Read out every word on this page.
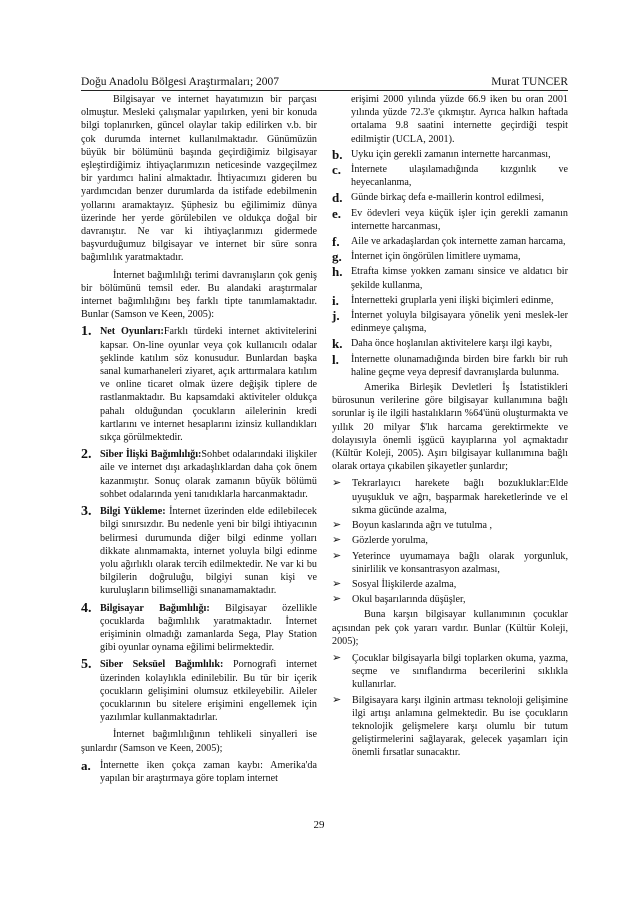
Doğu Anadolu Bölgesi Araştırmaları; 2007	Murat TUNCER

Bilgisayar ve internet hayatımızın bir parçası olmuştur. Mesleki çalışmalar yapılırken, yeni bir konuda bilgi toplanırken, güncel olaylar takip edilirken v.b. bir çok durumda internet kullanılmaktadır. Günümüzün büyük bir bölümünü başında geçirdiğimiz bilgisayar eşleştirdiğimiz ihtiyaçlarımızın neticesinde vazgeçilmez bir yardımcı halini almaktadır. İhtiyacımızı gideren bu yardımcıdan benzer durumlarda da istifade edebilmenin yollarını aramaktayız. Şüphesiz bu eğilimimiz dünya üzerinde her yerde görülebilen ve oldukça doğal bir davranıştır. Ne var ki ihtiyaçlarımızı gidermede başvurduğumuz bilgisayar ve internet bir süre sonra bağımlılık yaratmaktadır.

İnternet bağımlılığı terimi davranışların çok geniş bir bölümünü temsil eder. Bu alandaki araştırmalar internet bağımlılığını beş farklı tipte tanımlamaktadır. Bunlar (Samson ve Keen, 2005):

1. Net Oyunları:Farklı türdeki internet aktivitelerini kapsar. On-line oyunlar veya çok kullanıcılı odalar şeklinde katılım söz konusudur. Bunlardan başka sanal kumarhaneleri ziyaret, açık arttırmalara katılım ve online ticaret olmak üzere değişik tiplere de rastlanmaktadır. Bu kapsamdaki aktiviteler oldukça pahalı olduğundan çocukların ailelerinin kredi kartlarını ve internet hesaplarını izinsiz kullandıkları sıkça görülmektedir.
2. Siber İlişki Bağımlılığı:Sohbet odalarındaki ilişkiler aile ve internet dışı arkadaşlıklardan daha çok önem kazanmıştır. Sonuç olarak zamanın büyük bölümü sohbet odalarında yeni tanıdıklarla harcanmaktadır.
3. Bilgi Yükleme: İnternet üzerinden elde edilebilecek bilgi sınırsızdır. Bu nedenle yeni bir bilgi ihtiyacının belirmesi durumunda diğer bilgi edinme yolları dikkate alınmamakta, internet yoluyla bilgi edinme yolu ağırlıklı olarak tercih edilmektedir. Ne var ki bu bilgilerin doğruluğu, bilgiyi sunan kişi ve kuruluşların bilimselliği sınanamamaktadır.
4. Bilgisayar Bağımlılığı: Bilgisayar özellikle çocuklarda bağımlılık yaratmaktadır. İnternet erişiminin olmadığı zamanlarda Sega, Play Station gibi oyunlar oynama eğilimi belirmektedir.
5. Siber Seksüel Bağımlılık: Pornografi internet üzerinden kolaylıkla edinilebilir. Bu tür bir içerik çocukların gelişimini olumsuz etkileyebilir. Aileler çocuklarının bu sitelere erişimini engellemek için yazılımlar kullanmaktadırlar.

İnternet bağımlılığının tehlikeli sinyalleri ise şunlardır (Samson ve Keen, 2005);

a. İnternette iken çokça zaman kaybı: Amerika'da yapılan bir araştırmaya göre toplam internet
erişimi 2000 yılında yüzde 66.9 iken bu oran 2001 yılında yüzde 72.3'e çıkmıştır. Ayrıca halkın haftada ortalama 9.8 saatini internette geçirdiği tespit edilmiştir (UCLA, 2001).
b. Uyku için gerekli zamanın internette harcanması,
c. İnternete ulaşılamadığında kızgınlık ve heyecanlanma,
d. Günde birkaç defa e-maillerin kontrol edilmesi,
e. Ev ödevleri veya küçük işler için gerekli zamanın internette harcanması,
f.	Aile ve arkadaşlardan çok internette zaman harcama,
g. İnternet için öngörülen limitlere uymama,
h. Etrafta kimse yokken zamanı sinsice ve aldatıcı bir şekilde kullanma,
i.	İnternetteki gruplarla yeni ilişki biçimleri edinme,
j.	İnternet yoluyla bilgisayara yönelik yeni meslek-ler edinmeye çalışma,
k. Daha önce hoşlanılan aktivitelere karşı ilgi kaybı,
l.	İnternette olunamadığında birden bire farklı bir ruh haline geçme veya depresif davranışlarda bulunma.

Amerika Birleşik Devletleri İş İstatistikleri bürosunun verilerine göre bilgisayar kullanımına bağlı sorunlar iş ile ilgili hastalıkların %64'ünü oluşturmakta ve yıllık 20 milyar $'lık harcama gerektirmekte ve dolayısıyla önemli işgücü kayıplarına yol açmaktadır (Kültür Koleji, 2005). Aşırı bilgisayar kullanımına bağlı olarak ortaya çıkabilen şikayetler şunlardır;

➢	Tekrarlayıcı harekete bağlı bozukluklar:Elde uyuşukluk ve ağrı, başparmak hareketlerinde ve el sıkma gücünde azalma,
➢	Boyun kaslarında ağrı ve tutulma ,
➢	Gözlerde yorulma,
➢	Yeterince uyumamaya bağlı olarak yorgunluk, sinirlilik ve konsantrasyon azalması,
➢	Sosyal İlişkilerde azalma,
➢	Okul başarılarında düşüşler,

Buna karşın bilgisayar kullanımının çocuklar açısından pek çok yararı vardır. Bunlar (Kültür Koleji, 2005);

➢	Çocuklar bilgisayarla bilgi toplarken okuma, yazma, seçme ve sınıflandırma becerilerini sıklıkla kullanırlar.
➢	Bilgisayara karşı ilginin artması teknoloji gelişimine ilgi artışı anlamına gelmektedir. Bu ise çocukların teknolojik gelişmelere karşı olumlu bir tutum geliştirmelerini sağlayarak, gelecek yaşamları için önemli fırsatlar sunacaktır.
29
